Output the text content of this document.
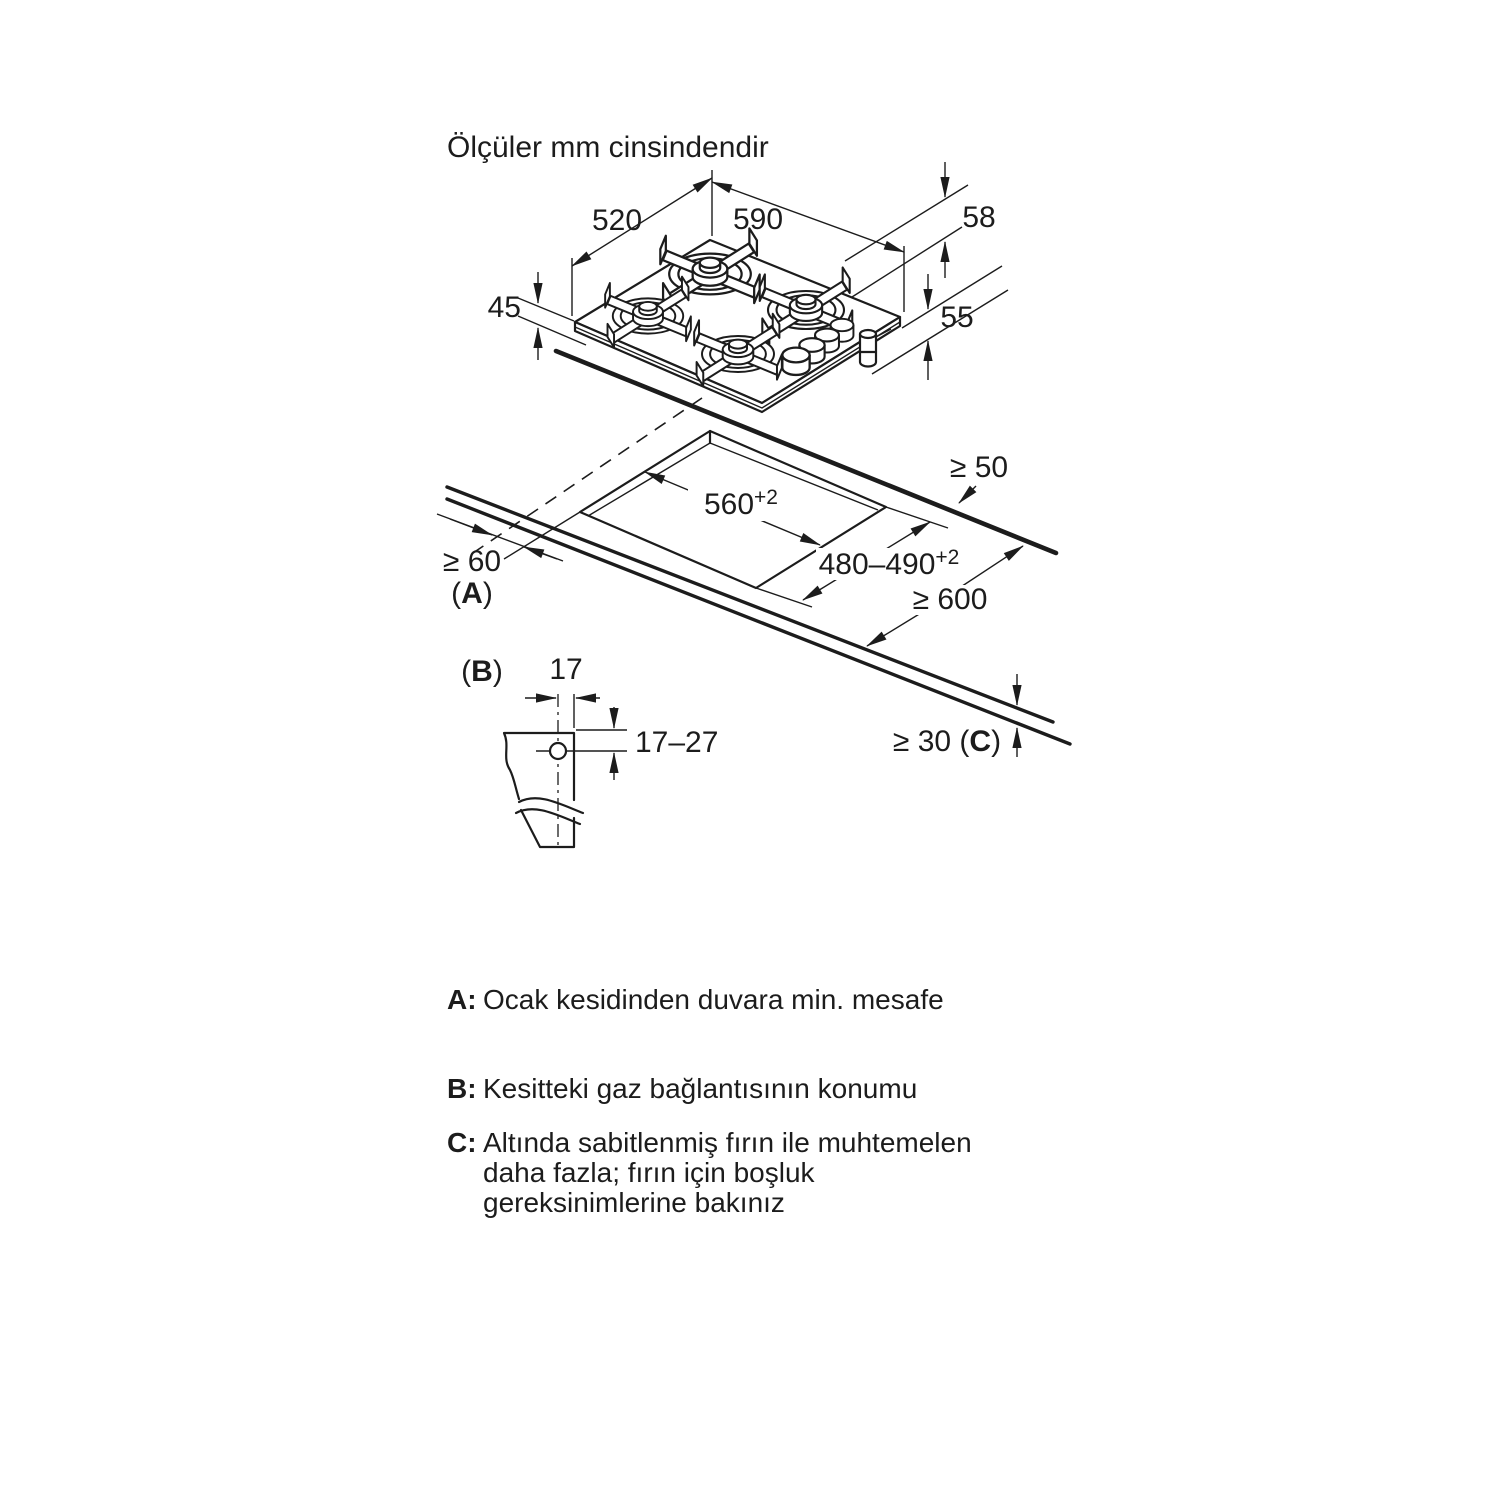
Ölçüler mm cinsindendir
520	590
45
58
55
$560^{+2}$
$480-490^{+2}$
≥ 600
≥ 50
≥ 60
(A)
≥ 30 (C)
(B) 17
17–27
A: Ocak kesidinden duvara min. mesafe
B: Kesitteki gaz bağlantısının konumu
C: Altında sabitlenmiş fırın ile muhtemelen
daha fazla; fırın için boşluk
gereksinimlerine bakınız
